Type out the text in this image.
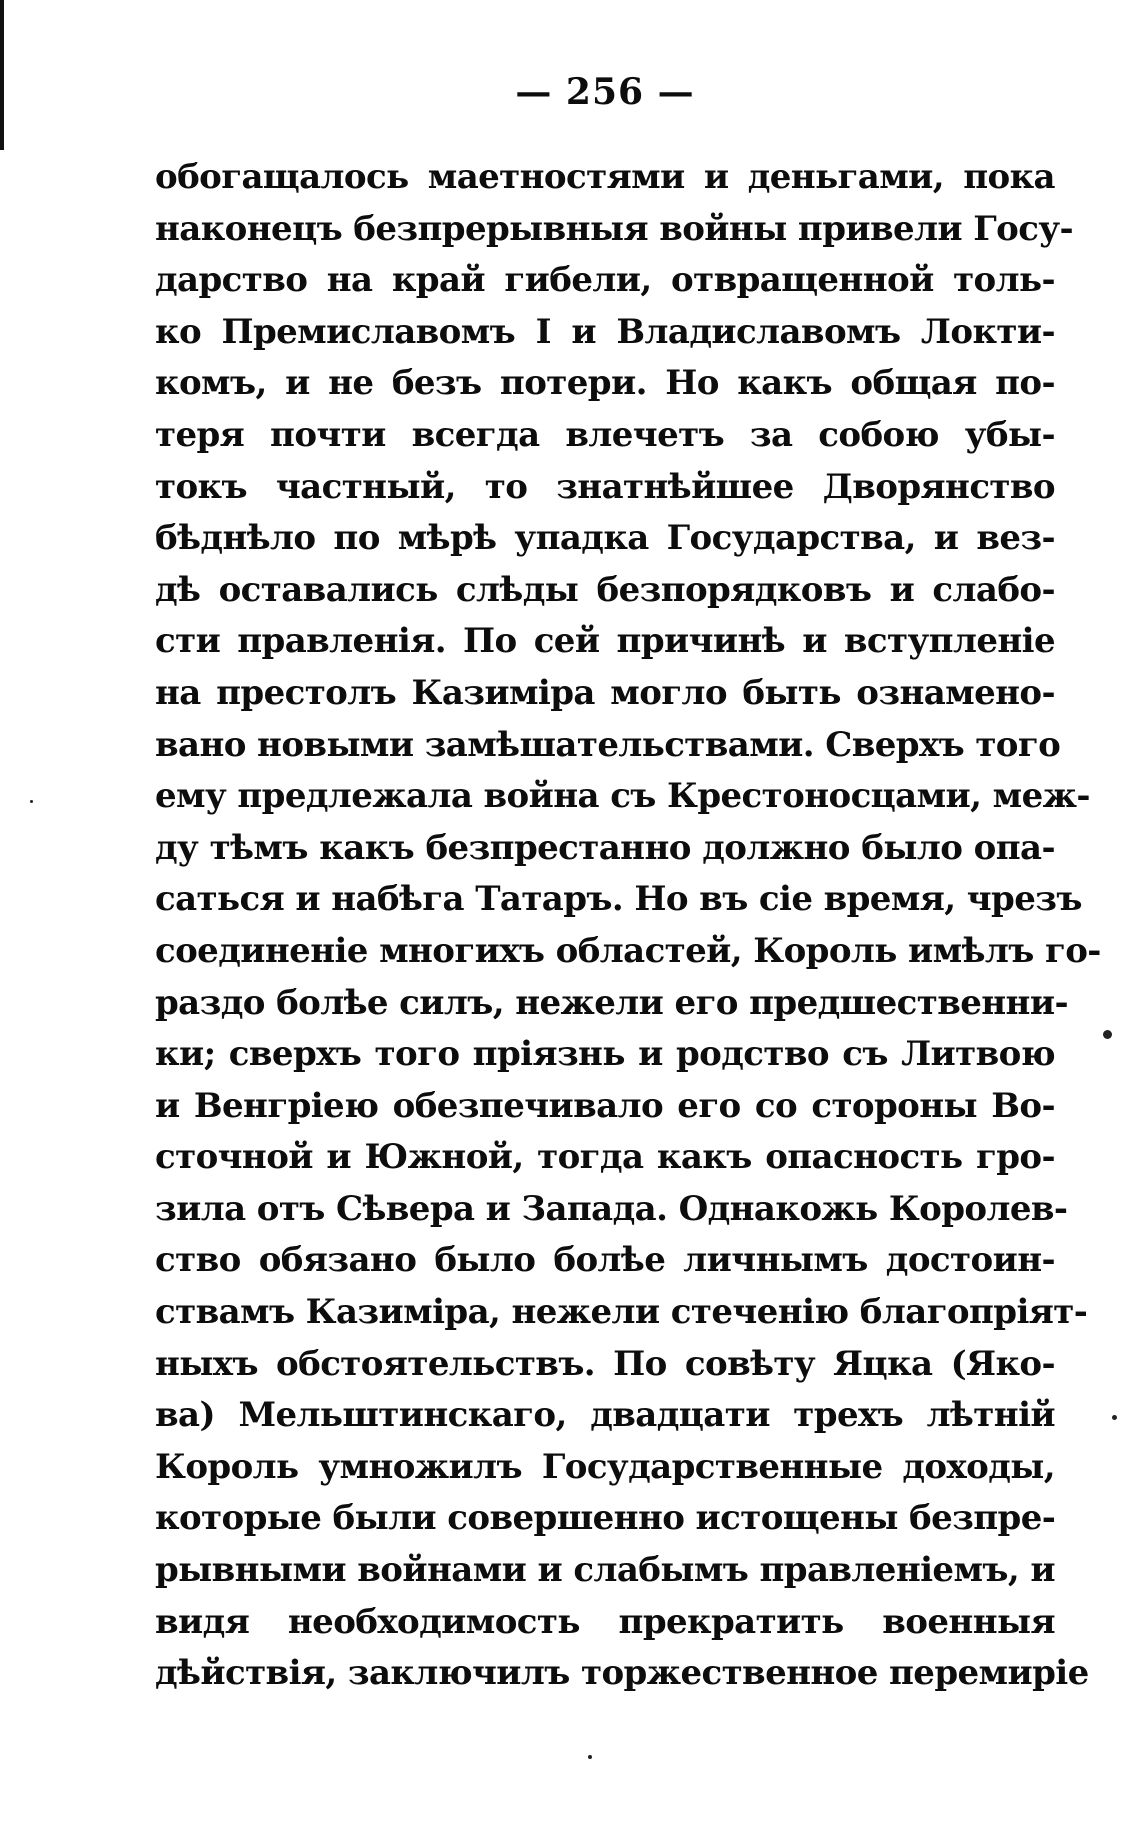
— 256 —
обогащалось маетностями и деньгами, пока
наконецъ безпрерывныя войны привели Госу-
дарство на край гибели, отвращенной толь-
ко Премиславомъ I и Владиславомъ Локти-
комъ, и не безъ потери. Но какъ общая по-
теря почти всегда влечетъ за собою убы-
токъ частный, то знатнѣйшее Дворянство
бѣднѣло по мѣрѣ упадка Государства, и вез-
дѣ оставались слѣды безпорядковъ и слабо-
сти правленія. По сей причинѣ и вступленіе
на престолъ Казиміра могло быть ознамено-
вано новыми замѣшательствами. Сверхъ того
ему предлежала война съ Крестоносцами, меж-
ду тѣмъ какъ безпрестанно должно было опа-
саться и набѣга Татаръ. Но въ сіе время, чрезъ
соединеніе многихъ областей, Король имѣлъ го-
раздо болѣе силъ, нежели его предшественни-
ки; сверхъ того пріязнь и родство съ Литвою
и Венгріею обезпечивало его со стороны Во-
сточной и Южной, тогда какъ опасность гро-
зила отъ Сѣвера и Запада. Однакожь Королев-
ство обязано было болѣе личнымъ достоин-
ствамъ Казиміра, нежели стеченію благопріят-
ныхъ обстоятельствъ. По совѣту Яцка (Яко-
ва) Мельштинскаго, двадцати трехъ лѣтній
Король умножилъ Государственные доходы,
которые были совершенно истощены безпре-
рывными войнами и слабымъ правленіемъ, и
видя необходимость прекратить военныя
дѣйствія, заключилъ торжественное перемиріе
